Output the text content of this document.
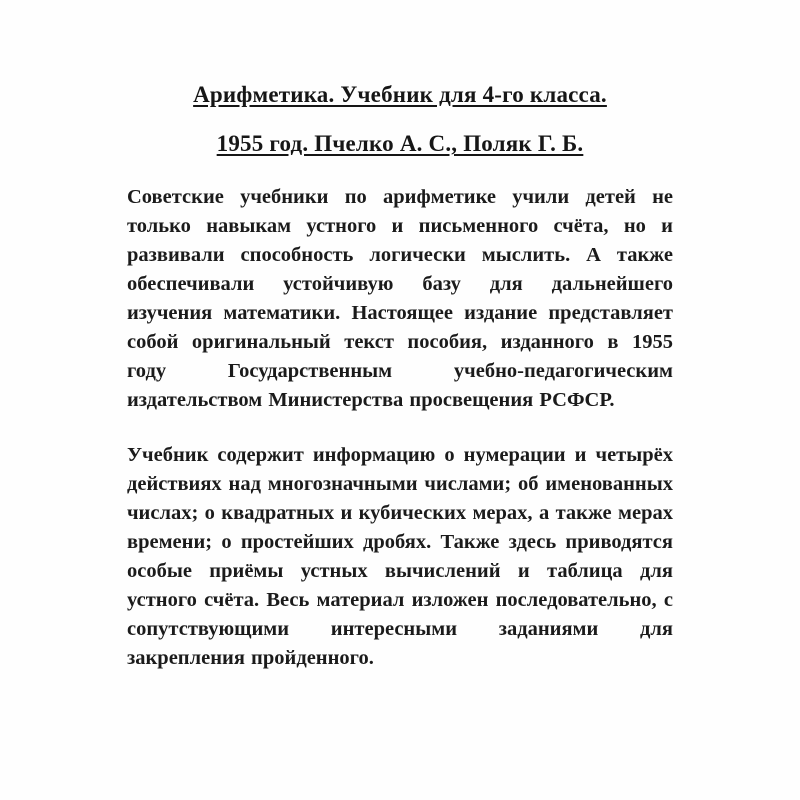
Арифметика. Учебник для 4-го класса.
1955 год. Пчелко А. С., Поляк Г. Б.

Советские учебники по арифметике учили детей не только навыкам устного и письменного счёта, но и развивали способность логически мыслить. А также обеспечивали устойчивую базу для дальнейшего изучения математики. Настоящее издание представляет собой оригинальный текст пособия, изданного в 1955 году Государственным учебно-педагогическим издательством Министерства просвещения РСФСР.

Учебник содержит информацию о нумерации и четырёх действиях над многозначными числами; об именованных числах; о квадратных и кубических мерах, а также мерах времени; о простейших дробях. Также здесь приводятся особые приёмы устных вычислений и таблица для устного счёта. Весь материал изложен последовательно, с сопутствующими интересными заданиями для закрепления пройденного.
